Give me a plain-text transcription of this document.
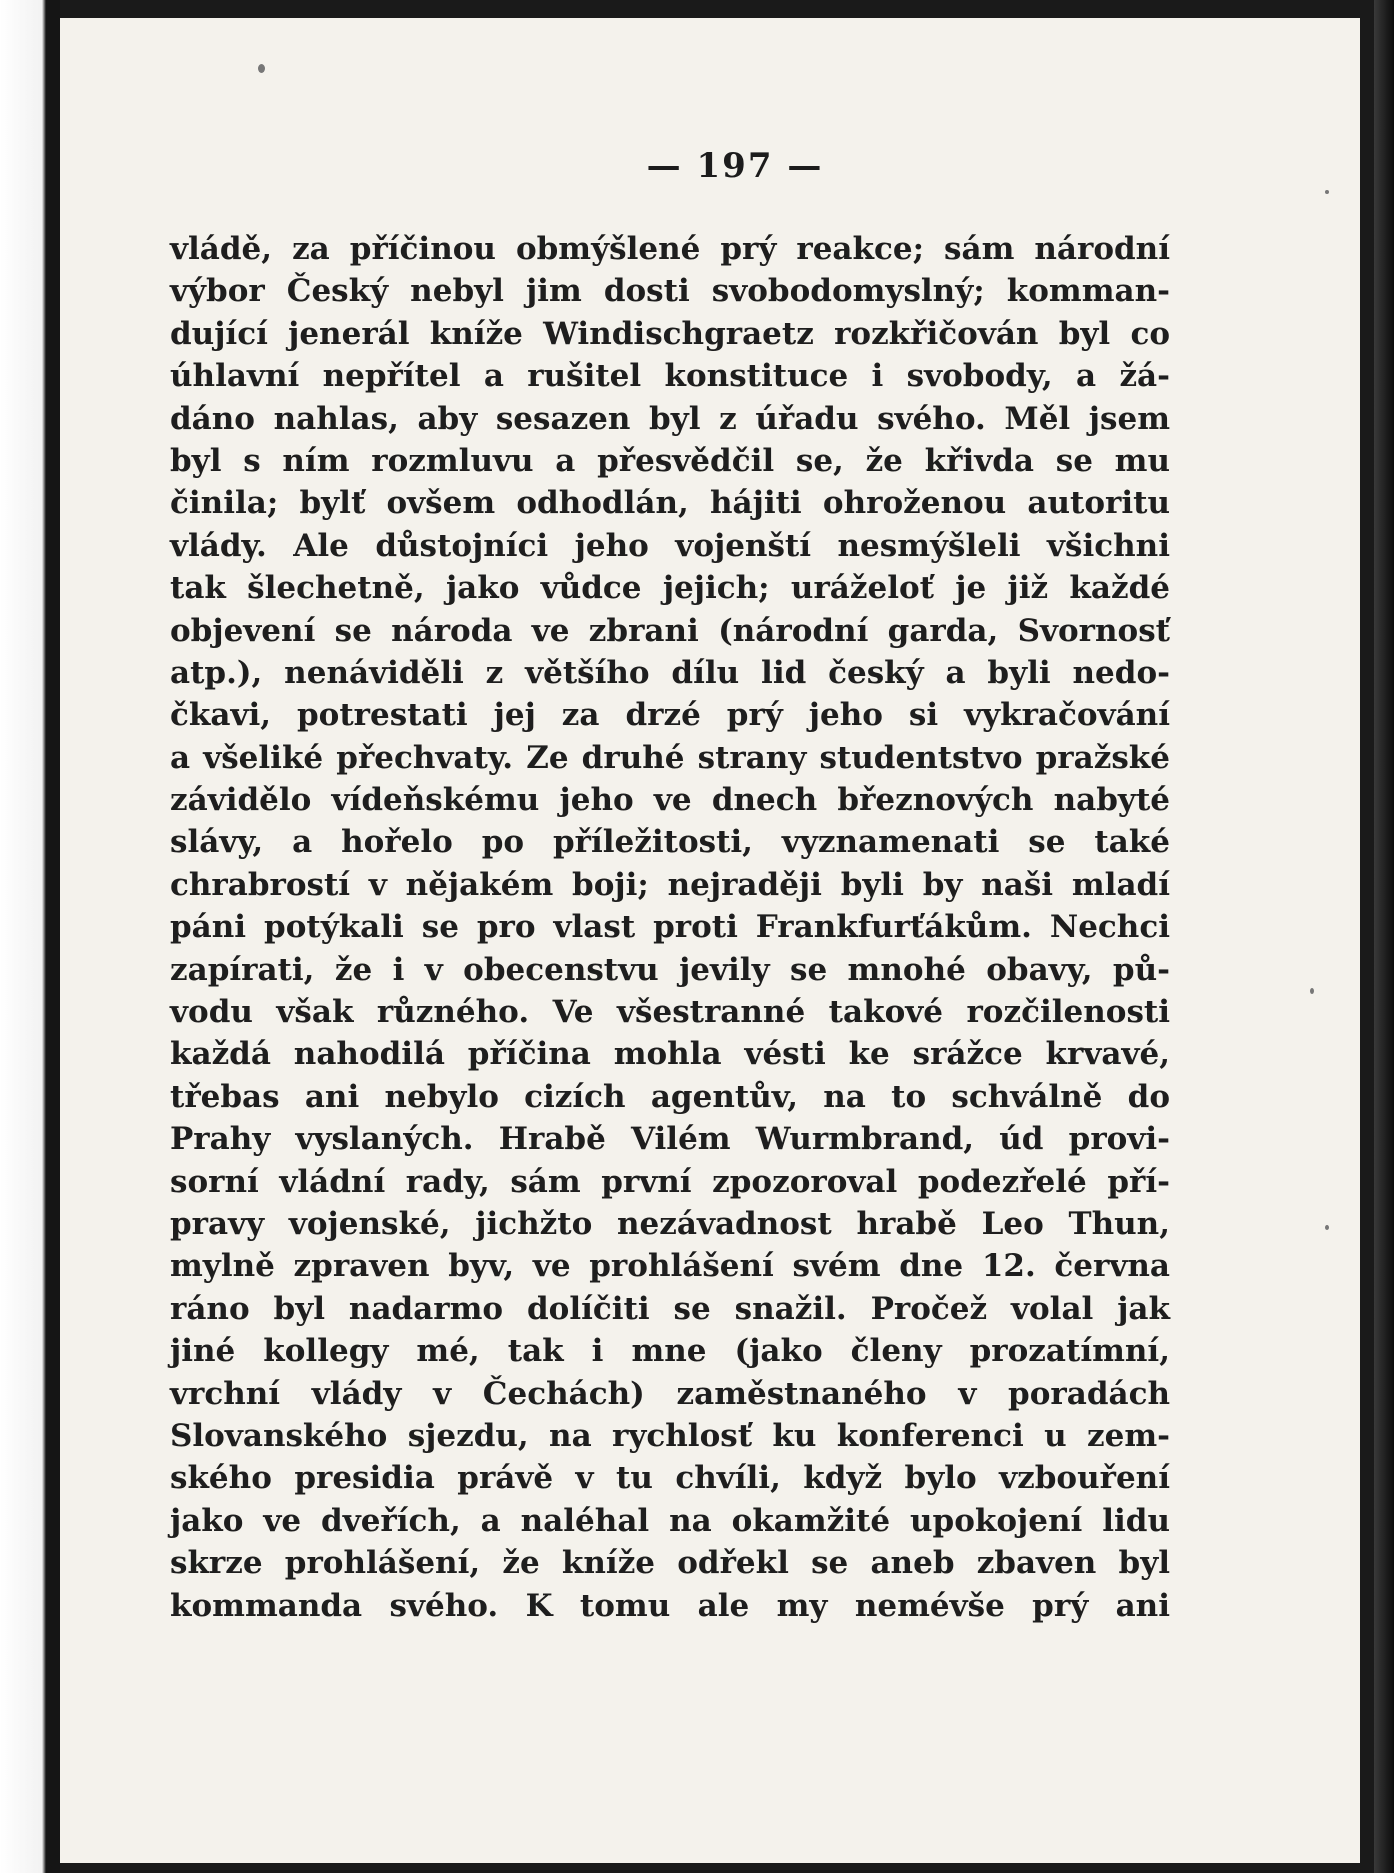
— 197 —
vládě, za příčinou obmýšlené prý reakce; sám národní
výbor Český nebyl jim dosti svobodomyslný; komman-
dující jenerál kníže Windischgraetz rozkřičován byl co
úhlavní nepřítel a rušitel konstituce i svobody, a žá-
dáno nahlas, aby sesazen byl z úřadu svého. Měl jsem
byl s ním rozmluvu a přesvědčil se, že křivda se mu
činila; bylť ovšem odhodlán, hájiti ohroženou autoritu
vlády. Ale důstojníci jeho vojenští nesmýšleli všichni
tak šlechetně, jako vůdce jejich; uráželoť je již každé
objevení se národa ve zbrani (národní garda, Svornosť
atp.), nenáviděli z většího dílu lid český a byli nedo-
čkavi, potrestati jej za drzé prý jeho si vykračování
a všeliké přechvaty. Ze druhé strany studentstvo pražské
závidělo vídeňskému jeho ve dnech březnových nabyté
slávy, a hořelo po příležitosti, vyznamenati se také
chrabrostí v nějakém boji; nejraději byli by naši mladí
páni potýkali se pro vlast proti Frankfurťákům. Nechci
zapírati, že i v obecenstvu jevily se mnohé obavy, pů-
vodu však různého. Ve všestranné takové rozčilenosti
každá nahodilá příčina mohla vésti ke srážce krvavé,
třebas ani nebylo cizích agentův, na to schválně do
Prahy vyslaných. Hrabě Vilém Wurmbrand, úd provi-
sorní vládní rady, sám první zpozoroval podezřelé pří-
pravy vojenské, jichžto nezávadnost hrabě Leo Thun,
mylně zpraven byv, ve prohlášení svém dne 12. června
ráno byl nadarmo dolíčiti se snažil. Pročež volal jak
jiné kollegy mé, tak i mne (jako členy prozatímní,
vrchní vlády v Čechách) zaměstnaného v poradách
Slovanského sjezdu, na rychlosť ku konferenci u zem-
ského presidia právě v tu chvíli, když bylo vzbouření
jako ve dveřích, a naléhal na okamžité upokojení lidu
skrze prohlášení, že kníže odřekl se aneb zbaven byl
kommanda svého. K tomu ale my nemévše prý ani
